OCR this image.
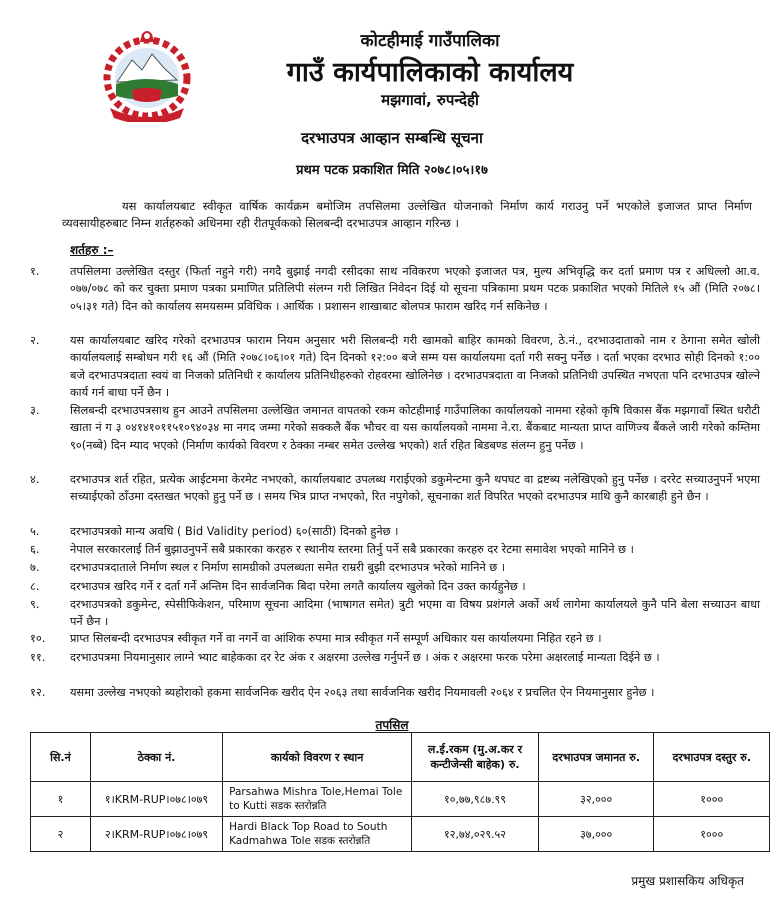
कोटहीमाई गाउँपालिका

गाउँ कार्यपालिकाको कार्यालय

मझगावां, रुपन्देही

दरभाउपत्र आव्हान सम्बन्धि सूचना

प्रथम पटक प्रकाशित मिति २०७८।०५।१७

यस कार्यालयबाट स्वीकृत वार्षिक कार्यक्रम बमोजिम तपसिलमा उल्लेखित योजनाको निर्माण कार्य गराउनु पर्ने भएकोले इजाजत प्राप्त निर्माण व्यवसायीहरुबाट निम्न शर्तहरुको अधिनमा रही रीतपूर्वकको सिलबन्दी दरभाउपत्र आव्हान गरिन्छ ।

शर्तहरु :–

१.	तपसिलमा उल्लेखित दस्तुर (फिर्ता नहुने गरी) नगदै बुझाई नगदी रसीदका साथ नविकरण भएको इजाजत पत्र, मुल्य अभिवृद्धि कर दर्ता प्रमाण पत्र र अधिल्लो आ.व. ०७७/०७८ को कर चुक्ता प्रमाण पत्रका प्रमाणित प्रतिलिपी संलग्न गरी लिखित निवेदन दिई यो सूचना पत्रिकामा प्रथम पटक प्रकाशित भएको मितिले १५ औं (मिति २०७८।०५।३१ गते) दिन को कार्यालय समयसम्म प्रविधिक । आर्थिक । प्रशासन शाखाबाट बोलपत्र फाराम खरिद गर्न सकिनेछ ।

२.	यस कार्यालयबाट खरिद गरेको दरभाउपत्र फाराम नियम अनुसार भरी सिलबन्दी गरी खामको बाहिर कामको विवरण, ठे.नं., दरभाउदाताको नाम र ठेगाना समेत खोली कार्यालयलाई सम्बोधन गरी १६ औं (मिति २०७८।०६।०१ गते) दिन दिनको १२:०० बजे सम्म यस कार्यालयमा दर्ता गरी सक्नु पर्नेछ । दर्ता भएका दरभाउ सोही दिनको १:०० बजे दरभाउपत्रदाता स्वयं वा निजको प्रतिनिधी र कार्यालय प्रतिनिधीहरुको रोहवरमा खोलिनेछ । दरभाउपत्रदाता वा निजको प्रतिनिधी उपस्थित नभएता पनि दरभाउपत्र खोल्ने कार्य गर्न बाधा पर्ने छैन ।

३.	सिलबन्दी दरभाउपत्रसाथ हुन आउने तपसिलमा उल्लेखित जमानत वापतको रकम कोटहीमाई गाउँपालिका कार्यालयको नाममा रहेको कृषि विकास बैंक मझगावाँ स्थित धरौटी खाता नं ग ३ ०४१४१०११५१०९४०३४ मा नगद जम्मा गरेको सक्कलै बैंक भौचर वा यस कार्यालयको नाममा ने.रा. बैंकबाट मान्यता प्राप्त वाणिज्य बैंकले जारी गरेको कम्तिमा ९०(नब्बे) दिन म्याद भएको (निर्माण कार्यको विवरण र ठेक्का नम्बर समेत उल्लेख भएको) शर्त रहित बिडबण्ड संलग्न हुनु पर्नेछ ।

४.	दरभाउपत्र शर्त रहित, प्रत्येक आईटममा केरमेट नभएको, कार्यालयबाट उपलब्ध गराईएको डकुमेन्टमा कुनै थपघट वा द्रष्टब्य नलेखिएको हुनु पर्नेछ । दररेट सच्याउनुपर्ने भएमा सच्याईएको ठाँउमा दस्तखत भएको हुनु पर्ने छ । समय भित्र प्राप्त नभएको, रित नपुगेको, सूचनाका शर्त विपरित भएको दरभाउपत्र माथि कुनै कारबाही हुने छैन ।

५.	दरभाउपत्रको मान्य अवधि ( Bid Validity period) ६०(साठी) दिनको हुनेछ ।

६.	नेपाल सरकारलाई तिर्न बुझाउनुपर्ने सबै प्रकारका करहरु र स्थानीय स्तरमा तिर्नु पर्ने सबै प्रकारका करहरु दर रेटमा समावेश भएको मानिने छ ।

७.	दरभाउपत्रदाताले निर्माण स्थल र निर्माण सामग्रीको उपलब्धता समेत राम्ररी बुझी दरभाउपत्र भरेको मानिने छ ।

८.	दरभाउपत्र खरिद गर्ने र दर्ता गर्ने अन्तिम दिन सार्वजनिक बिदा परेमा लगतै कार्यालय खुलेको दिन उक्त कार्यहुनेछ ।

९.	दरभाउपत्रको डकुमेन्ट, स्पेसीफिकेशन, परिमाण सूचना आदिमा (भाषागत समेत) त्रुटी भएमा वा विषय प्रशंगले अर्को अर्थ लागेमा कार्यालयले कुनै पनि बेला सच्याउन बाधा पर्ने छैन ।

१०.	प्राप्त सिलबन्दी दरभाउपत्र स्वीकृत गर्ने वा नगर्ने वा आंशिक रुपमा मात्र स्वीकृत गर्ने सम्पूर्ण अधिकार यस कार्यालयमा निहित रहने छ ।

११.	दरभाउपत्रमा नियमानुसार लाग्ने भ्याट बाहेकका दर रेट अंक र अक्षरमा उल्लेख गर्नुपर्ने छ । अंक र अक्षरमा फरक परेमा अक्षरलाई मान्यता दिईने छ ।

१२.	यसमा उल्लेख नभएको ब्यहोराको हकमा सार्वजनिक खरीद ऐन २०६३ तथा सार्वजनिक खरीद नियमावली २०६४ र प्रचलित ऐन नियमानुसार हुनेछ ।

तपसिल

सि.नं	ठेक्का नं.	कार्यको विवरण र स्थान	ल.ई.रकम (मु.अ.कर र कन्टीजेन्सी बाहेक) रु.	दरभाउपत्र जमानत रु.	दरभाउपत्र दस्तुर रु.
१	१।KRM-RUP।०७८।०७९	Parsahwa Mishra Tole,Hemai Tole to Kutti सडक स्तरोन्नति	१०,७७,९८७.९९	३२,०००	१०००
२	२।KRM-RUP।०७८।०७९	Hardi Black Top Road to South Kadmahwa Tole सडक स्तरोन्नति	१२,७४,०२९.५२	३७,०००	१०००

प्रमुख प्रशासकिय अधिकृत
